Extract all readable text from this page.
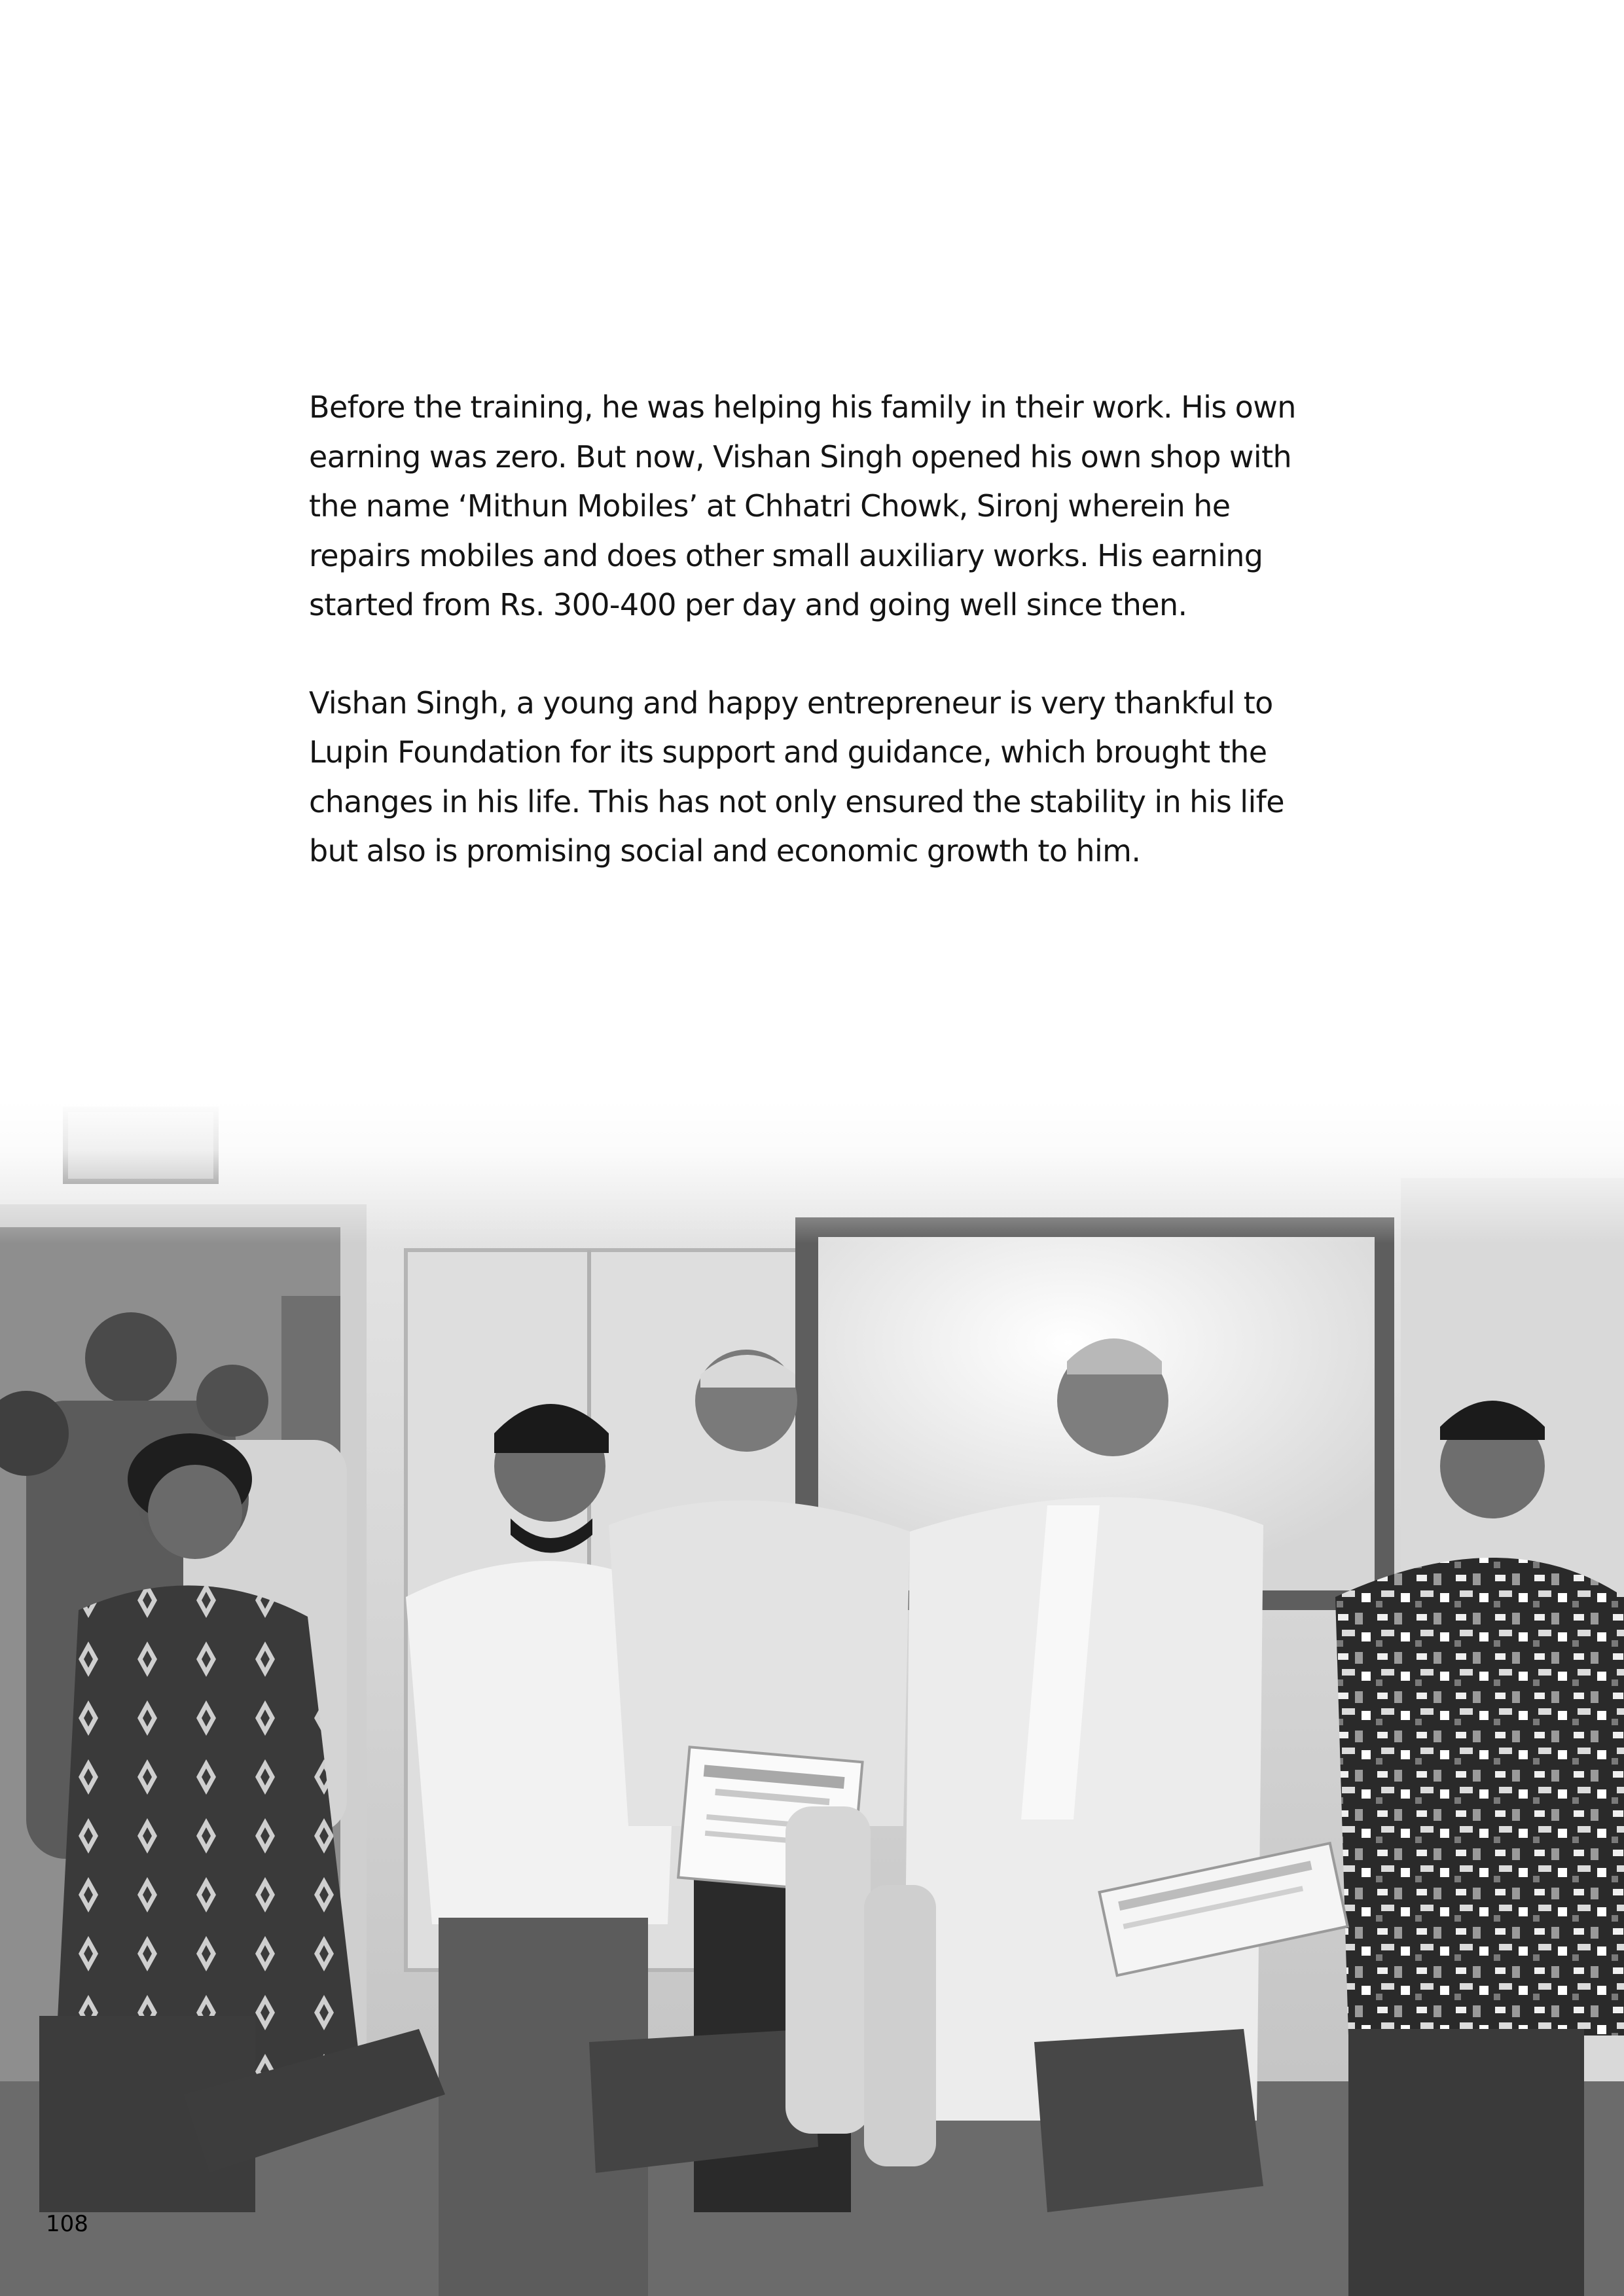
Before the training, he was helping his family in their work. His own earning was zero. But now, Vishan Singh opened his own shop with the name ‘Mithun Mobiles’ at Chhatri Chowk, Sironj wherein he repairs mobiles and does other small auxiliary works. His earning started from Rs. 300-400 per day and going well since then.

Vishan Singh, a young and happy entrepreneur is very thankful to Lupin Foundation for its support and guidance, which brought the changes in his life. This has not only ensured the stability in his life but also is promising social and economic growth to him.

108
